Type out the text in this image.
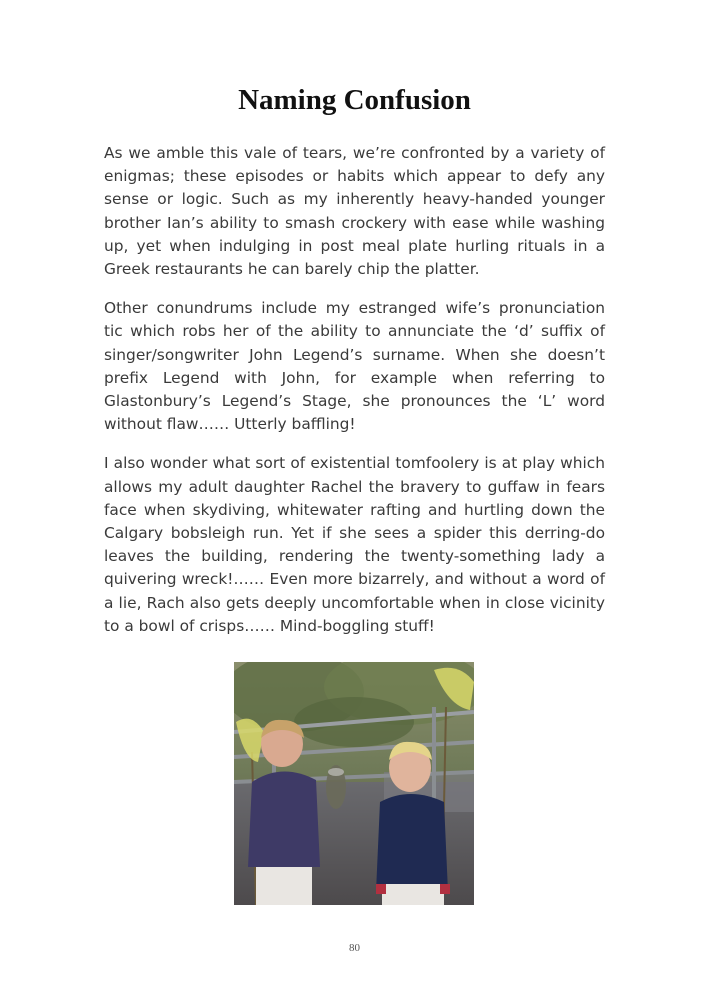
Naming Confusion

As we amble this vale of tears, we’re confronted by a variety of enigmas; these episodes or habits which appear to defy any sense or logic. Such as my inherently heavy-handed younger brother Ian’s ability to smash crockery with ease while washing up, yet when indulging in post meal plate hurling rituals in a Greek restaurants he can barely chip the platter.

Other conundrums include my estranged wife’s pronunciation tic which robs her of the ability to annunciate the ‘d’ suffix of singer/songwriter John Legend’s surname. When she doesn’t prefix Legend with John, for example when referring to Glastonbury’s Legend’s Stage, she pronounces the ‘L’ word without flaw…… Utterly baffling!

I also wonder what sort of existential tomfoolery is at play which allows my adult daughter Rachel the bravery to guffaw in fears face when skydiving, whitewater rafting and hurtling down the Calgary bobsleigh run. Yet if she sees a spider this derring-do leaves the building, rendering the twenty-something lady a quivering wreck!…… Even more bizarrely, and without a word of a lie, Rach also gets deeply uncomfortable when in close vicinity to a bowl of crisps…… Mind-boggling stuff!

80
